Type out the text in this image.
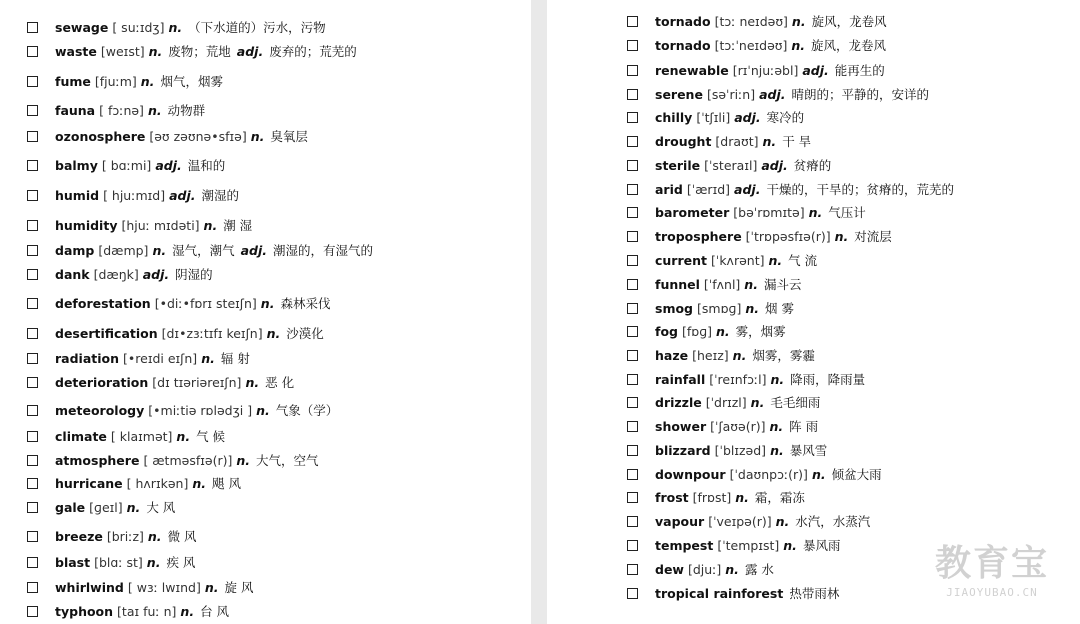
sewage [ suːɪdʒ] n. （下水道的）污水，污物
waste [weɪst] n. 废物；荒地 adj. 废弃的；荒芜的
fume [fjuːm] n. 烟气，烟雾
fauna [ fɔːnə] n. 动物群
ozonosphere [əʊ zəʊnə•sfɪə] n. 臭氧层
balmy [ bɑːmi] adj. 温和的
humid [ hjuːmɪd] adj. 潮湿的
humidity [hjuː mɪdəti] n. 潮 湿
damp [dæmp] n. 湿气，潮气 adj. 潮湿的，有湿气的
dank [dæŋk] adj. 阴湿的
deforestation [•diː•fɒrɪ steɪʃn] n. 森林采伐
desertification [dɪ•zɜːtɪfɪ keɪʃn] n. 沙漠化
radiation [•reɪdi eɪʃn] n. 辐 射
deterioration [dɪ tɪəriəreɪʃn] n. 恶 化
meteorology [•miːtiə rɒlədʒi ] n. 气象（学）
climate [ klaɪmət] n. 气 候
atmosphere [ ætməsfɪə(r)] n. 大气，空气
hurricane [ hʌrɪkən] n. 飓 风
gale [ɡeɪl] n. 大 风
breeze [briːz] n. 微 风
blast [blɑː st] n. 疾 风
whirlwind [ wɜː lwɪnd] n. 旋 风
typhoon [taɪ fuː n] n. 台 风
tornado [tɔː neɪdəʊ] n. 旋风，龙卷风
tornado [tɔːˈneɪdəʊ] n. 旋风，龙卷风
renewable [rɪˈnjuːəbl] adj. 能再生的
serene [səˈriːn] adj. 晴朗的；平静的，安详的
chilly [ˈtʃɪli] adj. 寒冷的
drought [draʊt] n. 干 旱
sterile [ˈsteraɪl] adj. 贫瘠的
arid [ˈærɪd] adj. 干燥的，干旱的；贫瘠的，荒芜的
barometer [bəˈrɒmɪtə] n. 气压计
troposphere [ˈtrɒpəsfɪə(r)] n. 对流层
current [ˈkʌrənt] n. 气 流
funnel [ˈfʌnl] n. 漏斗云
smog [smɒɡ] n. 烟 雾
fog [fɒɡ] n. 雾，烟雾
haze [heɪz] n. 烟雾，雾霾
rainfall [ˈreɪnfɔːl] n. 降雨，降雨量
drizzle [ˈdrɪzl] n. 毛毛细雨
shower [ˈʃaʊə(r)] n. 阵 雨
blizzard [ˈblɪzəd] n. 暴风雪
downpour [ˈdaʊnpɔː(r)] n. 倾盆大雨
frost [frɒst] n. 霜，霜冻
vapour [ˈveɪpə(r)] n. 水汽，水蒸汽
tempest [ˈtempɪst] n. 暴风雨
dew [djuː] n. 露 水
tropical rainforest 热带雨林
教育宝
JIAOYUBAO.CN
